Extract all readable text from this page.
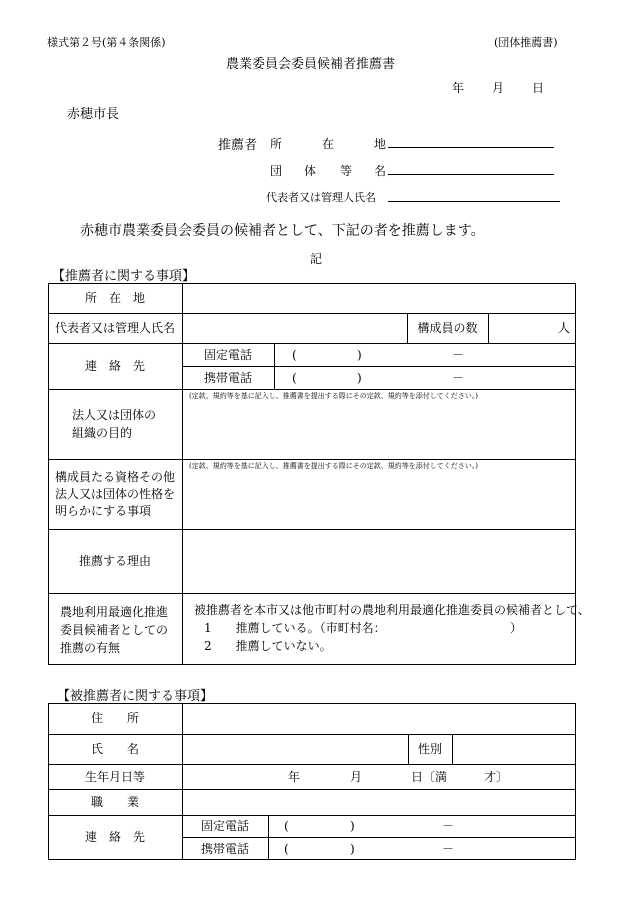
様式第２号(第４条関係)	(団体推薦書)
農業委員会委員候補者推薦書
年 月 日
赤穂市長
推薦者 所	在	地
団 体 等 名
代表者又は管理人氏名
赤穂市農業委員会委員の候補者として、下記の者を推薦します。
記
【推薦者に関する事項】
所　在　地
代表者又は管理人氏名	構成員の数	人
連　絡　先
固定電話	(	)	－
携帯電話	(	)	－
法人又は団体の
組織の目的
(定款、規約等を基に記入し、推薦書を提出する際にその定款、規約等を添付してください。)
構成員たる資格その他
法人又は団体の性格を
明らかにする事項
(定款、規約等を基に記入し、推薦書を提出する際にその定款、規約等を添付してください。)
推薦する理由
農地利用最適化推進
委員候補者としての
推薦の有無
被推薦者を本市又は他市町村の農地利用最適化推進委員の候補者として、
1　　推薦している。（市町村名：	）
2　　推薦していない。
【被推薦者に関する事項】
住　　所
氏　　名	性別
生年月日等	年	月	日〔満	才〕
職　　業
連　絡　先
固定電話	(	)	－
携帯電話	(	)	－
